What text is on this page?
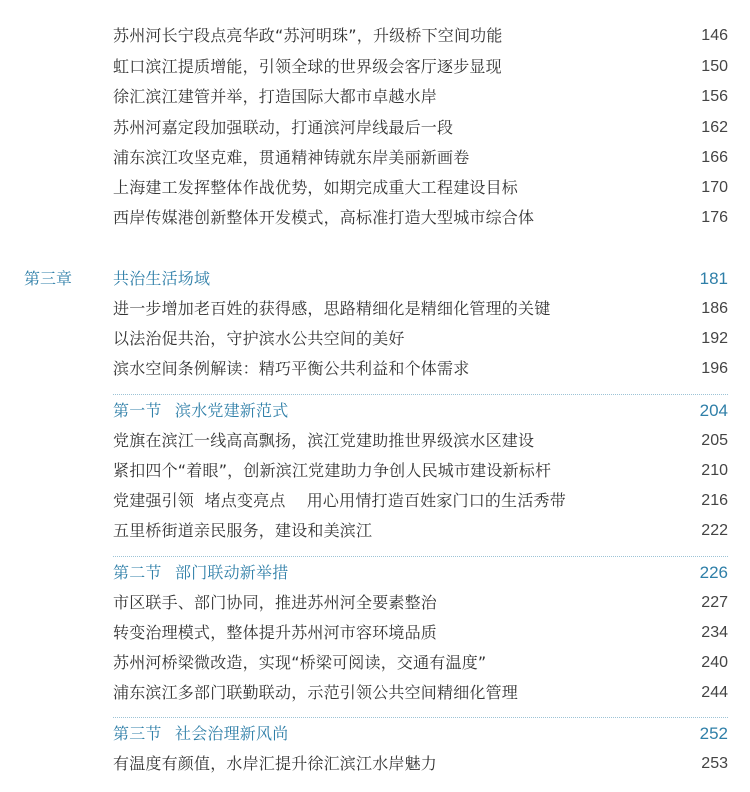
苏州河长宁段点亮华政“苏河明珠”，升级桥下空间功能	146
虹口滨江提质增能，引领全球的世界级会客厅逐步显现	150
徐汇滨江建管并举，打造国际大都市卓越水岸	156
苏州河嘉定段加强联动，打通滨河岸线最后一段	162
浦东滨江攻坚克难，贯通精神铸就东岸美丽新画卷	166
上海建工发挥整体作战优势，如期完成重大工程建设目标	170
西岸传媒港创新整体开发模式，高标准打造大型城市综合体	176
第三章	共治生活场域	181
进一步增加老百姓的获得感，思路精细化是精细化管理的关键	186
以法治促共治，守护滨水公共空间的美好	192
滨水空间条例解读：精巧平衡公共利益和个体需求	196
第一节 滨水党建新范式	204
党旗在滨江一线高高飘扬，滨江党建助推世界级滨水区建设	205
紧扣四个“着眼”，创新滨江党建助力争创人民城市建设新标杆	210
党建强引领  堵点变亮点    用心用情打造百姓家门口的生活秀带	216
五里桥街道亲民服务，建设和美滨江	222
第二节 部门联动新举措	226
市区联手、部门协同，推进苏州河全要素整治	227
转变治理模式，整体提升苏州河市容环境品质	234
苏州河桥梁微改造，实现“桥梁可阅读，交通有温度”	240
浦东滨江多部门联勤联动，示范引领公共空间精细化管理	244
第三节 社会治理新风尚	252
有温度有颜值，水岸汇提升徐汇滨江水岸魅力	253
